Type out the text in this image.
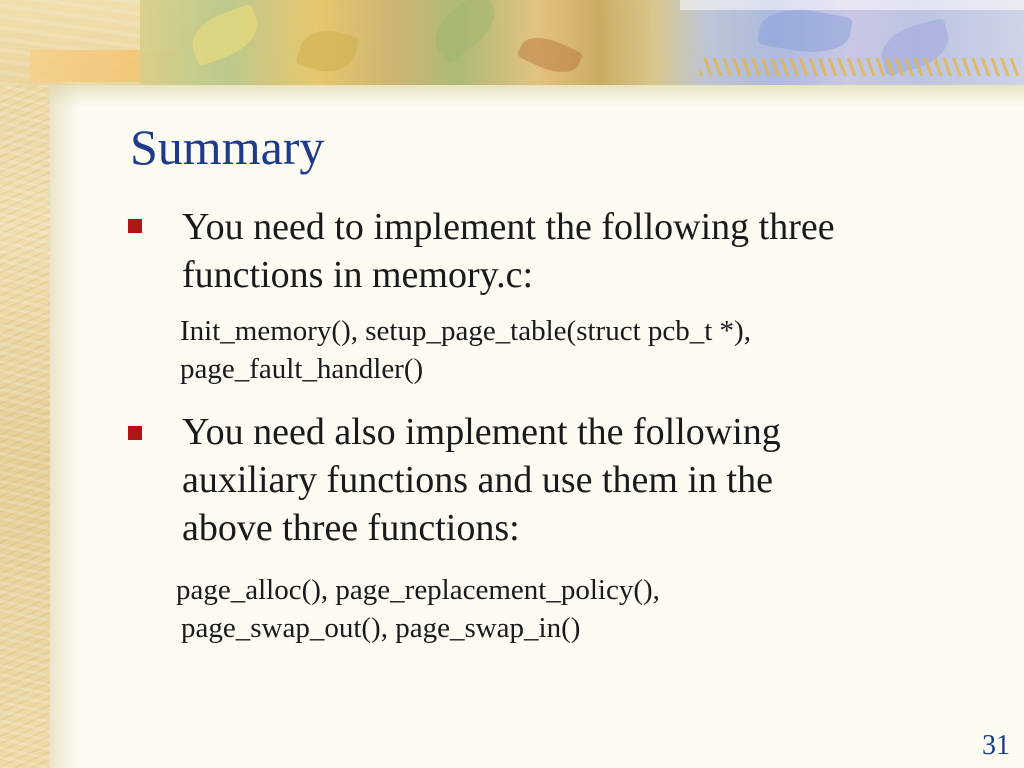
Summary
You need to implement the following three
functions in memory.c:
Init_memory(), setup_page_table(struct pcb_t *),
page_fault_handler()
You need also implement the following
auxiliary functions and use them in the
above three functions:
page_alloc(), page_replacement_policy(),
page_swap_out(), page_swap_in()
31
